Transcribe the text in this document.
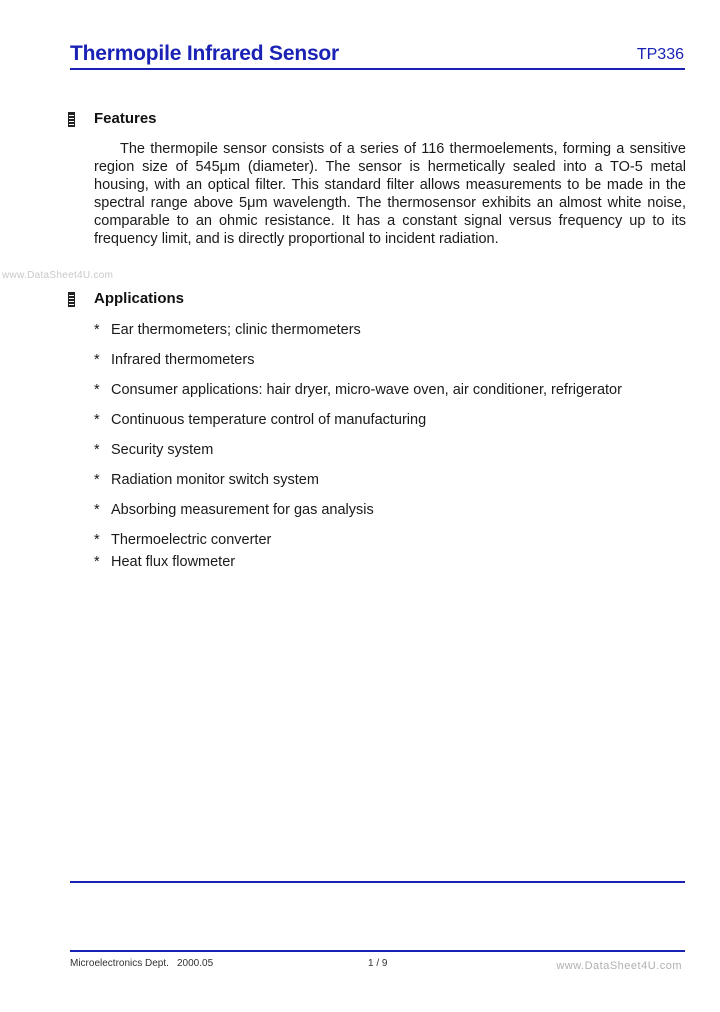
Thermopile Infrared Sensor	TP336
www.DataSheet4U.com
Features
The thermopile sensor consists of a series of 116 thermoelements, forming a sensitive region size of 545μm (diameter). The sensor is hermetically sealed into a TO-5 metal housing, with an optical filter. This standard filter allows measurements to be made in the spectral range above 5μm wavelength. The thermosensor exhibits an almost white noise, comparable to an ohmic resistance. It has a constant signal versus frequency up to its frequency limit, and is directly proportional to incident radiation.
Applications
* Ear thermometers; clinic thermometers
* Infrared thermometers
* Consumer applications: hair dryer, micro-wave oven, air conditioner, refrigerator
* Continuous temperature control of manufacturing
* Security system
* Radiation monitor switch system
* Absorbing measurement for gas analysis
* Thermoelectric converter
* Heat flux flowmeter
Microelectronics Dept. 2000.05	1 / 9	www.DataSheet4U.com
